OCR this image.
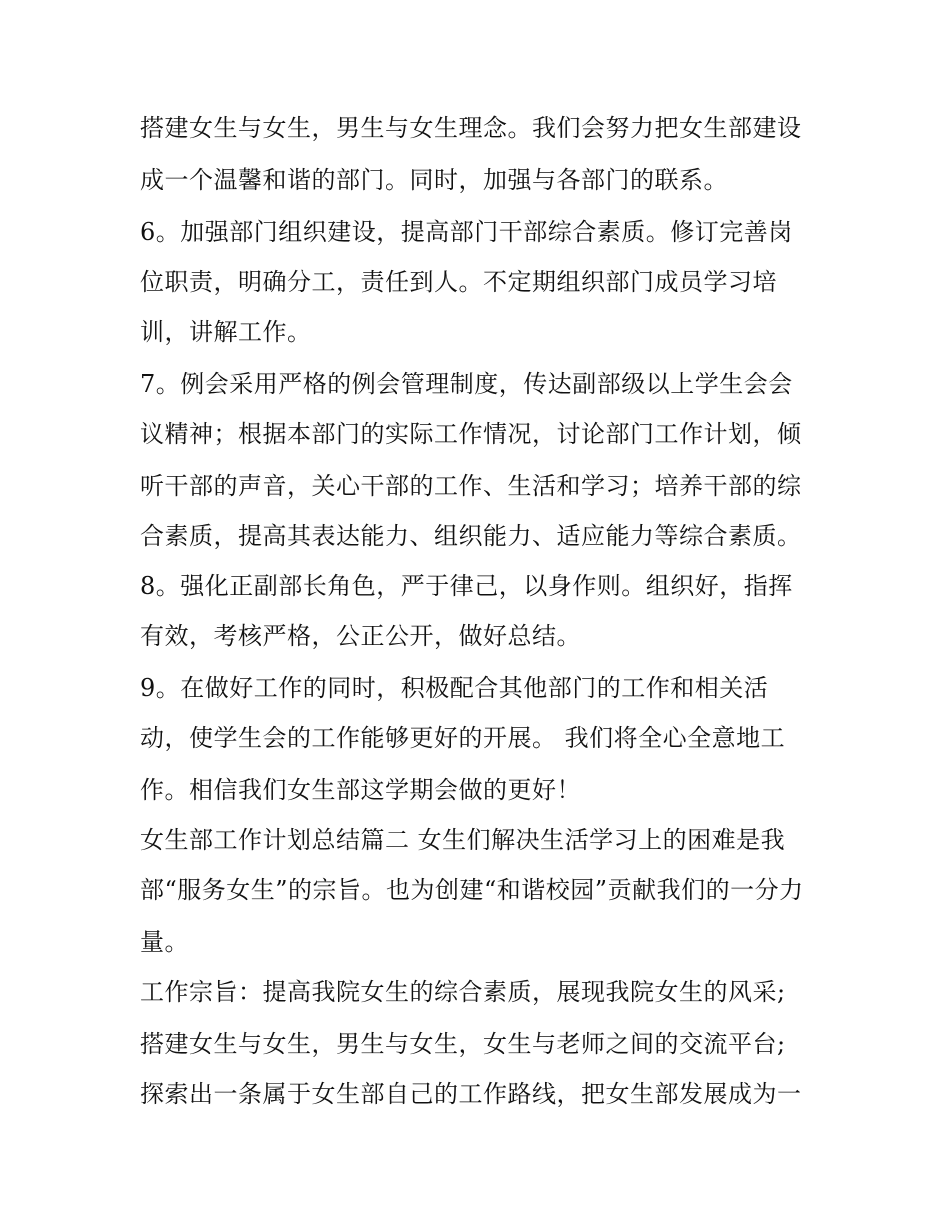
搭建女生与女生，男生与女生理念。我们会努力把女生部建设
成一个温馨和谐的部门。同时，加强与各部门的联系。
6。加强部门组织建设，提高部门干部综合素质。修订完善岗
位职责，明确分工，责任到人。不定期组织部门成员学习培
训，讲解工作。
7。例会采用严格的例会管理制度，传达副部级以上学生会会
议精神；根据本部门的实际工作情况，讨论部门工作计划，倾
听干部的声音，关心干部的工作、生活和学习；培养干部的综
合素质，提高其表达能力、组织能力、适应能力等综合素质。
8。强化正副部长角色，严于律己，以身作则。组织好，指挥
有效，考核严格，公正公开，做好总结。
9。在做好工作的同时，积极配合其他部门的工作和相关活
动，使学生会的工作能够更好的开展。 我们将全心全意地工
作。相信我们女生部这学期会做的更好！
女生部工作计划总结篇二 女生们解决生活学习上的困难是我
部“服务女生”的宗旨。也为创建“和谐校园”贡献我们的一分力
量。
工作宗旨：提高我院女生的综合素质，展现我院女生的风采;
搭建女生与女生，男生与女生，女生与老师之间的交流平台;
探索出一条属于女生部自己的工作路线，把女生部发展成为一
